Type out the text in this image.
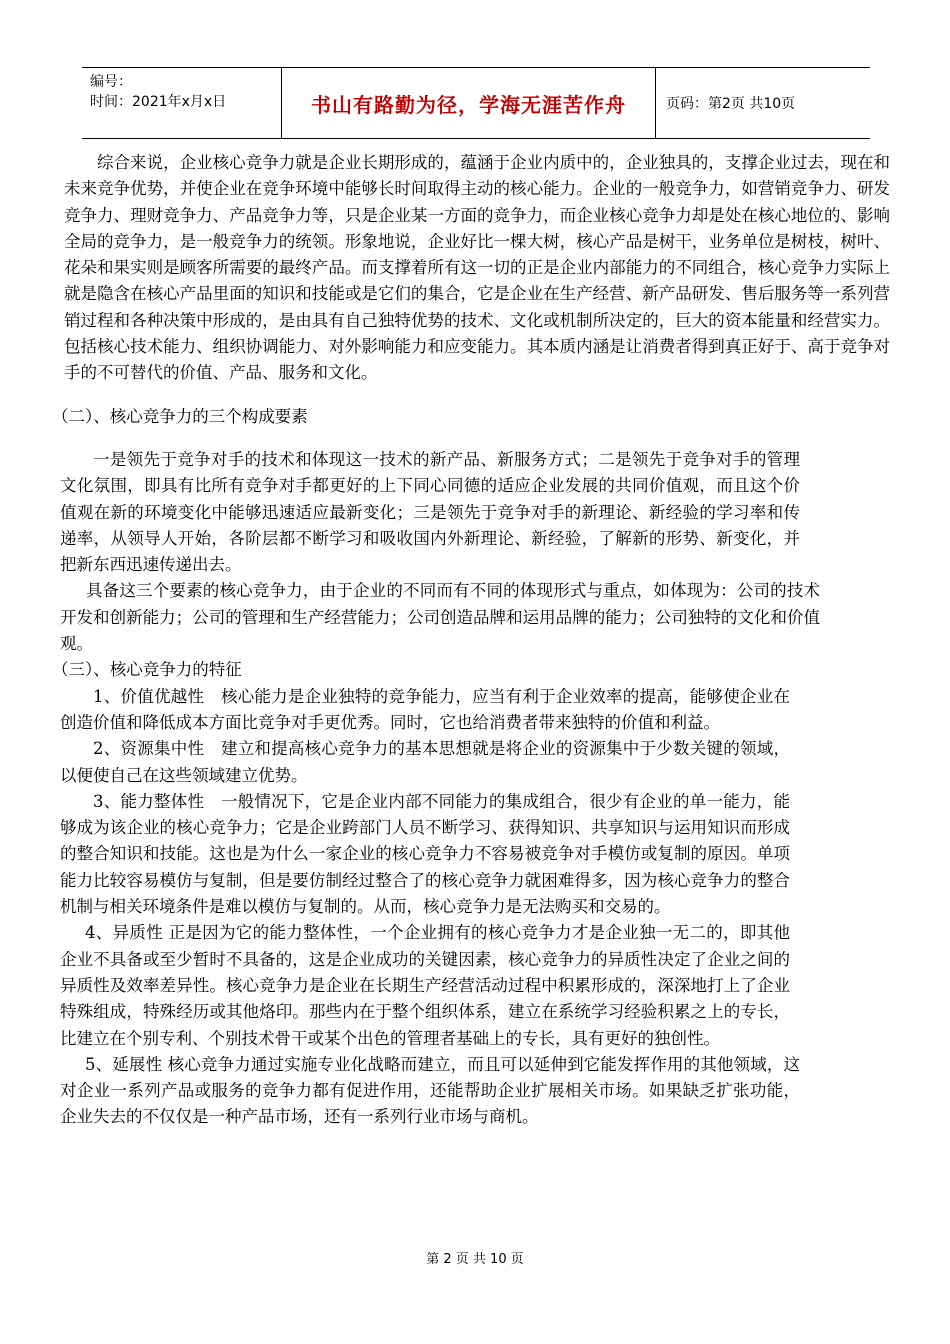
编号：
时间：2021年x月x日	书山有路勤为径，学海无涯苦作舟	页码：第2页 共10页

综合来说，企业核心竞争力就是企业长期形成的，蕴涵于企业内质中的，企业独具的，支撑企业过去，现在和未来竞争优势，并使企业在竞争环境中能够长时间取得主动的核心能力。企业的一般竞争力，如营销竞争力、研发竞争力、理财竞争力、产品竞争力等，只是企业某一方面的竞争力，而企业核心竞争力却是处在核心地位的、影响全局的竞争力，是一般竞争力的统领。形象地说，企业好比一棵大树，核心产品是树干，业务单位是树枝，树叶、花朵和果实则是顾客所需要的最终产品。而支撑着所有这一切的正是企业内部能力的不同组合，核心竞争力实际上就是隐含在核心产品里面的知识和技能或是它们的集合，它是企业在生产经营、新产品研发、售后服务等一系列营销过程和各种决策中形成的，是由具有自己独特优势的技术、文化或机制所决定的，巨大的资本能量和经营实力。包括核心技术能力、组织协调能力、对外影响能力和应变能力。其本质内涵是让消费者得到真正好于、高于竞争对手的不可替代的价值、产品、服务和文化。

（二）、核心竞争力的三个构成要素

一是领先于竞争对手的技术和体现这一技术的新产品、新服务方式；二是领先于竞争对手的管理文化氛围，即具有比所有竞争对手都更好的上下同心同德的适应企业发展的共同价值观，而且这个价值观在新的环境变化中能够迅速适应最新变化；三是领先于竞争对手的新理论、新经验的学习率和传递率，从领导人开始，各阶层都不断学习和吸收国内外新理论、新经验，了解新的形势、新变化，并把新东西迅速传递出去。

具备这三个要素的核心竞争力，由于企业的不同而有不同的体现形式与重点，如体现为：公司的技术开发和创新能力；公司的管理和生产经营能力；公司创造品牌和运用品牌的能力；公司独特的文化和价值观。

（三）、核心竞争力的特征

1、价值优越性　核心能力是企业独特的竞争能力，应当有利于企业效率的提高，能够使企业在创造价值和降低成本方面比竞争对手更优秀。同时，它也给消费者带来独特的价值和利益。

2、资源集中性　建立和提高核心竞争力的基本思想就是将企业的资源集中于少数关键的领域，以便使自己在这些领域建立优势。

3、能力整体性　一般情况下，它是企业内部不同能力的集成组合，很少有企业的单一能力，能够成为该企业的核心竞争力；它是企业跨部门人员不断学习、获得知识、共享知识与运用知识而形成的整合知识和技能。这也是为什么一家企业的核心竞争力不容易被竞争对手模仿或复制的原因。单项能力比较容易模仿与复制，但是要仿制经过整合了的核心竞争力就困难得多，因为核心竞争力的整合机制与相关环境条件是难以模仿与复制的。从而，核心竞争力是无法购买和交易的。

4、异质性 正是因为它的能力整体性，一个企业拥有的核心竞争力才是企业独一无二的，即其他企业不具备或至少暂时不具备的，这是企业成功的关键因素，核心竞争力的异质性决定了企业之间的异质性及效率差异性。核心竞争力是企业在长期生产经营活动过程中积累形成的，深深地打上了企业特殊组成，特殊经历或其他烙印。那些内在于整个组织体系，建立在系统学习经验积累之上的专长，比建立在个别专利、个别技术骨干或某个出色的管理者基础上的专长，具有更好的独创性。

5、延展性 核心竞争力通过实施专业化战略而建立，而且可以延伸到它能发挥作用的其他领域，这对企业一系列产品或服务的竞争力都有促进作用，还能帮助企业扩展相关市场。如果缺乏扩张功能，企业失去的不仅仅是一种产品市场，还有一系列行业市场与商机。

第 2 页 共 10 页
